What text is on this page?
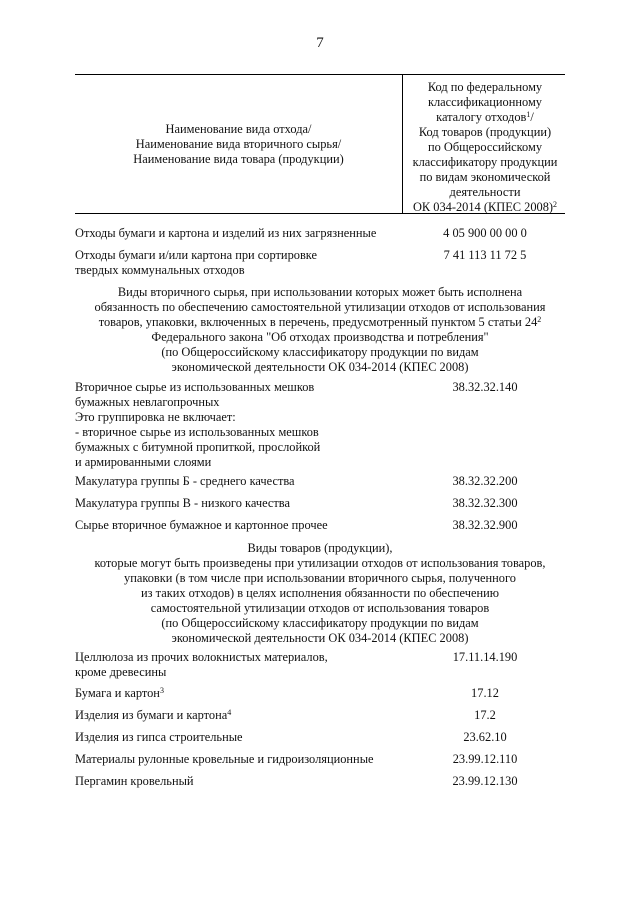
7
Наименование вида отхода/
Наименование вида вторичного сырья/
Наименование вида товара (продукции)
Код по федеральному
классификационному
каталогу отходов$^1$/
Код товаров (продукции)
по Общероссийскому
классификатору продукции
по видам экономической
деятельности
ОК 034-2014 (КПЕС 2008)$^2$
Отходы бумаги и картона и изделий из них загрязненные	4 05 900 00 00 0
Отходы бумаги и/или картона при сортировке
твердых коммунальных отходов
7 41 113 11 72 5
Виды вторичного сырья, при использовании которых может быть исполнена
обязанность по обеспечению самостоятельной утилизации отходов от использования
товаров, упаковки, включенных в перечень, предусмотренный пунктом 5 статьи $24^2$
Федерального закона "Об отходах производства и потребления"
(по Общероссийскому классификатору продукции по видам
экономической деятельности ОК 034-2014 (КПЕС 2008)
Вторичное сырье из использованных мешков
бумажных невлагопрочных
Это группировка не включает:
- вторичное сырье из использованных мешков
бумажных с битумной пропиткой, прослойкой
и армированными слоями
38.32.32.140
Макулатура группы Б - среднего качества	38.32.32.200
Макулатура группы В - низкого качества	38.32.32.300
Сырье вторичное бумажное и картонное прочее	38.32.32.900
Виды товаров (продукции),
которые могут быть произведены при утилизации отходов от использования товаров,
упаковки (в том числе при использовании вторичного сырья, полученного
из таких отходов) в целях исполнения обязанности по обеспечению
самостоятельной утилизации отходов от использования товаров
(по Общероссийскому классификатору продукции по видам
экономической деятельности ОК 034-2014 (КПЕС 2008)
Целлюлоза из прочих волокнистых материалов,
кроме древесины
17.11.14.190
Бумага и картон$^3$	17.12
Изделия из бумаги и картона$^4$	17.2
Изделия из гипса строительные	23.62.10
Материалы рулонные кровельные и гидроизоляционные	23.99.12.110
Пергамин кровельный	23.99.12.130
